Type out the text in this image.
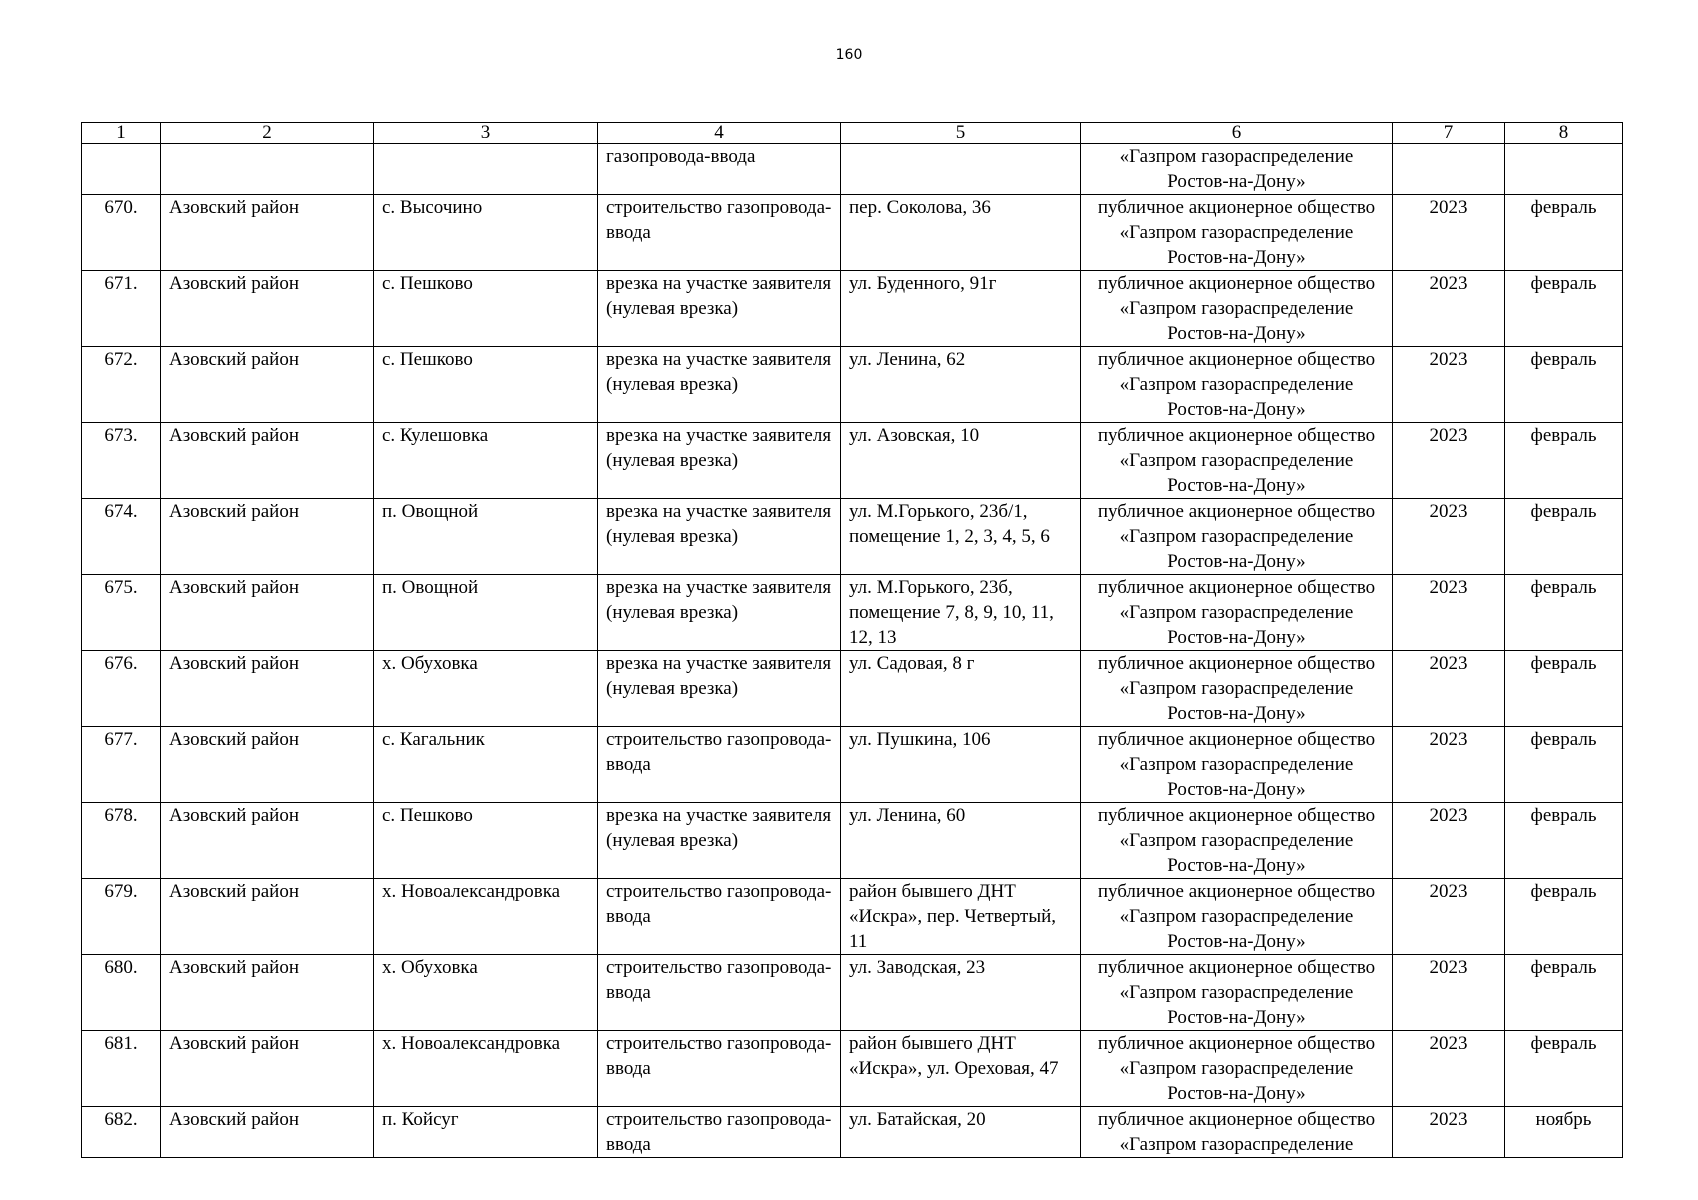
160
1	2	3	4	5	6	7	8
			газопровода-ввода		«Газпром газораспределение Ростов-на-Дону»		
670.	Азовский район	с. Высочино	строительство газопровода-ввода	пер. Соколова, 36	публичное акционерное общество «Газпром газораспределение Ростов-на-Дону»	2023	февраль
671.	Азовский район	с. Пешково	врезка на участке заявителя (нулевая врезка)	ул. Буденного, 91г	публичное акционерное общество «Газпром газораспределение Ростов-на-Дону»	2023	февраль
672.	Азовский район	с. Пешково	врезка на участке заявителя (нулевая врезка)	ул. Ленина, 62	публичное акционерное общество «Газпром газораспределение Ростов-на-Дону»	2023	февраль
673.	Азовский район	с. Кулешовка	врезка на участке заявителя (нулевая врезка)	ул. Азовская, 10	публичное акционерное общество «Газпром газораспределение Ростов-на-Дону»	2023	февраль
674.	Азовский район	п. Овощной	врезка на участке заявителя (нулевая врезка)	ул. М.Горького, 23б/1, помещение 1, 2, 3, 4, 5, 6	публичное акционерное общество «Газпром газораспределение Ростов-на-Дону»	2023	февраль
675.	Азовский район	п. Овощной	врезка на участке заявителя (нулевая врезка)	ул. М.Горького, 23б, помещение 7, 8, 9, 10, 11, 12, 13	публичное акционерное общество «Газпром газораспределение Ростов-на-Дону»	2023	февраль
676.	Азовский район	х. Обуховка	врезка на участке заявителя (нулевая врезка)	ул. Садовая, 8 г	публичное акционерное общество «Газпром газораспределение Ростов-на-Дону»	2023	февраль
677.	Азовский район	с. Кагальник	строительство газопровода-ввода	ул. Пушкина, 106	публичное акционерное общество «Газпром газораспределение Ростов-на-Дону»	2023	февраль
678.	Азовский район	с. Пешково	врезка на участке заявителя (нулевая врезка)	ул. Ленина, 60	публичное акционерное общество «Газпром газораспределение Ростов-на-Дону»	2023	февраль
679.	Азовский район	х. Новоалександровка	строительство газопровода-ввода	район бывшего ДНТ «Искра», пер. Четвертый, 11	публичное акционерное общество «Газпром газораспределение Ростов-на-Дону»	2023	февраль
680.	Азовский район	х. Обуховка	строительство газопровода-ввода	ул. Заводская, 23	публичное акционерное общество «Газпром газораспределение Ростов-на-Дону»	2023	февраль
681.	Азовский район	х. Новоалександровка	строительство газопровода-ввода	район бывшего ДНТ «Искра», ул. Ореховая, 47	публичное акционерное общество «Газпром газораспределение Ростов-на-Дону»	2023	февраль
682.	Азовский район	п. Койсуг	строительство газопровода-ввода	ул. Батайская, 20	публичное акционерное общество «Газпром газораспределение	2023	ноябрь
